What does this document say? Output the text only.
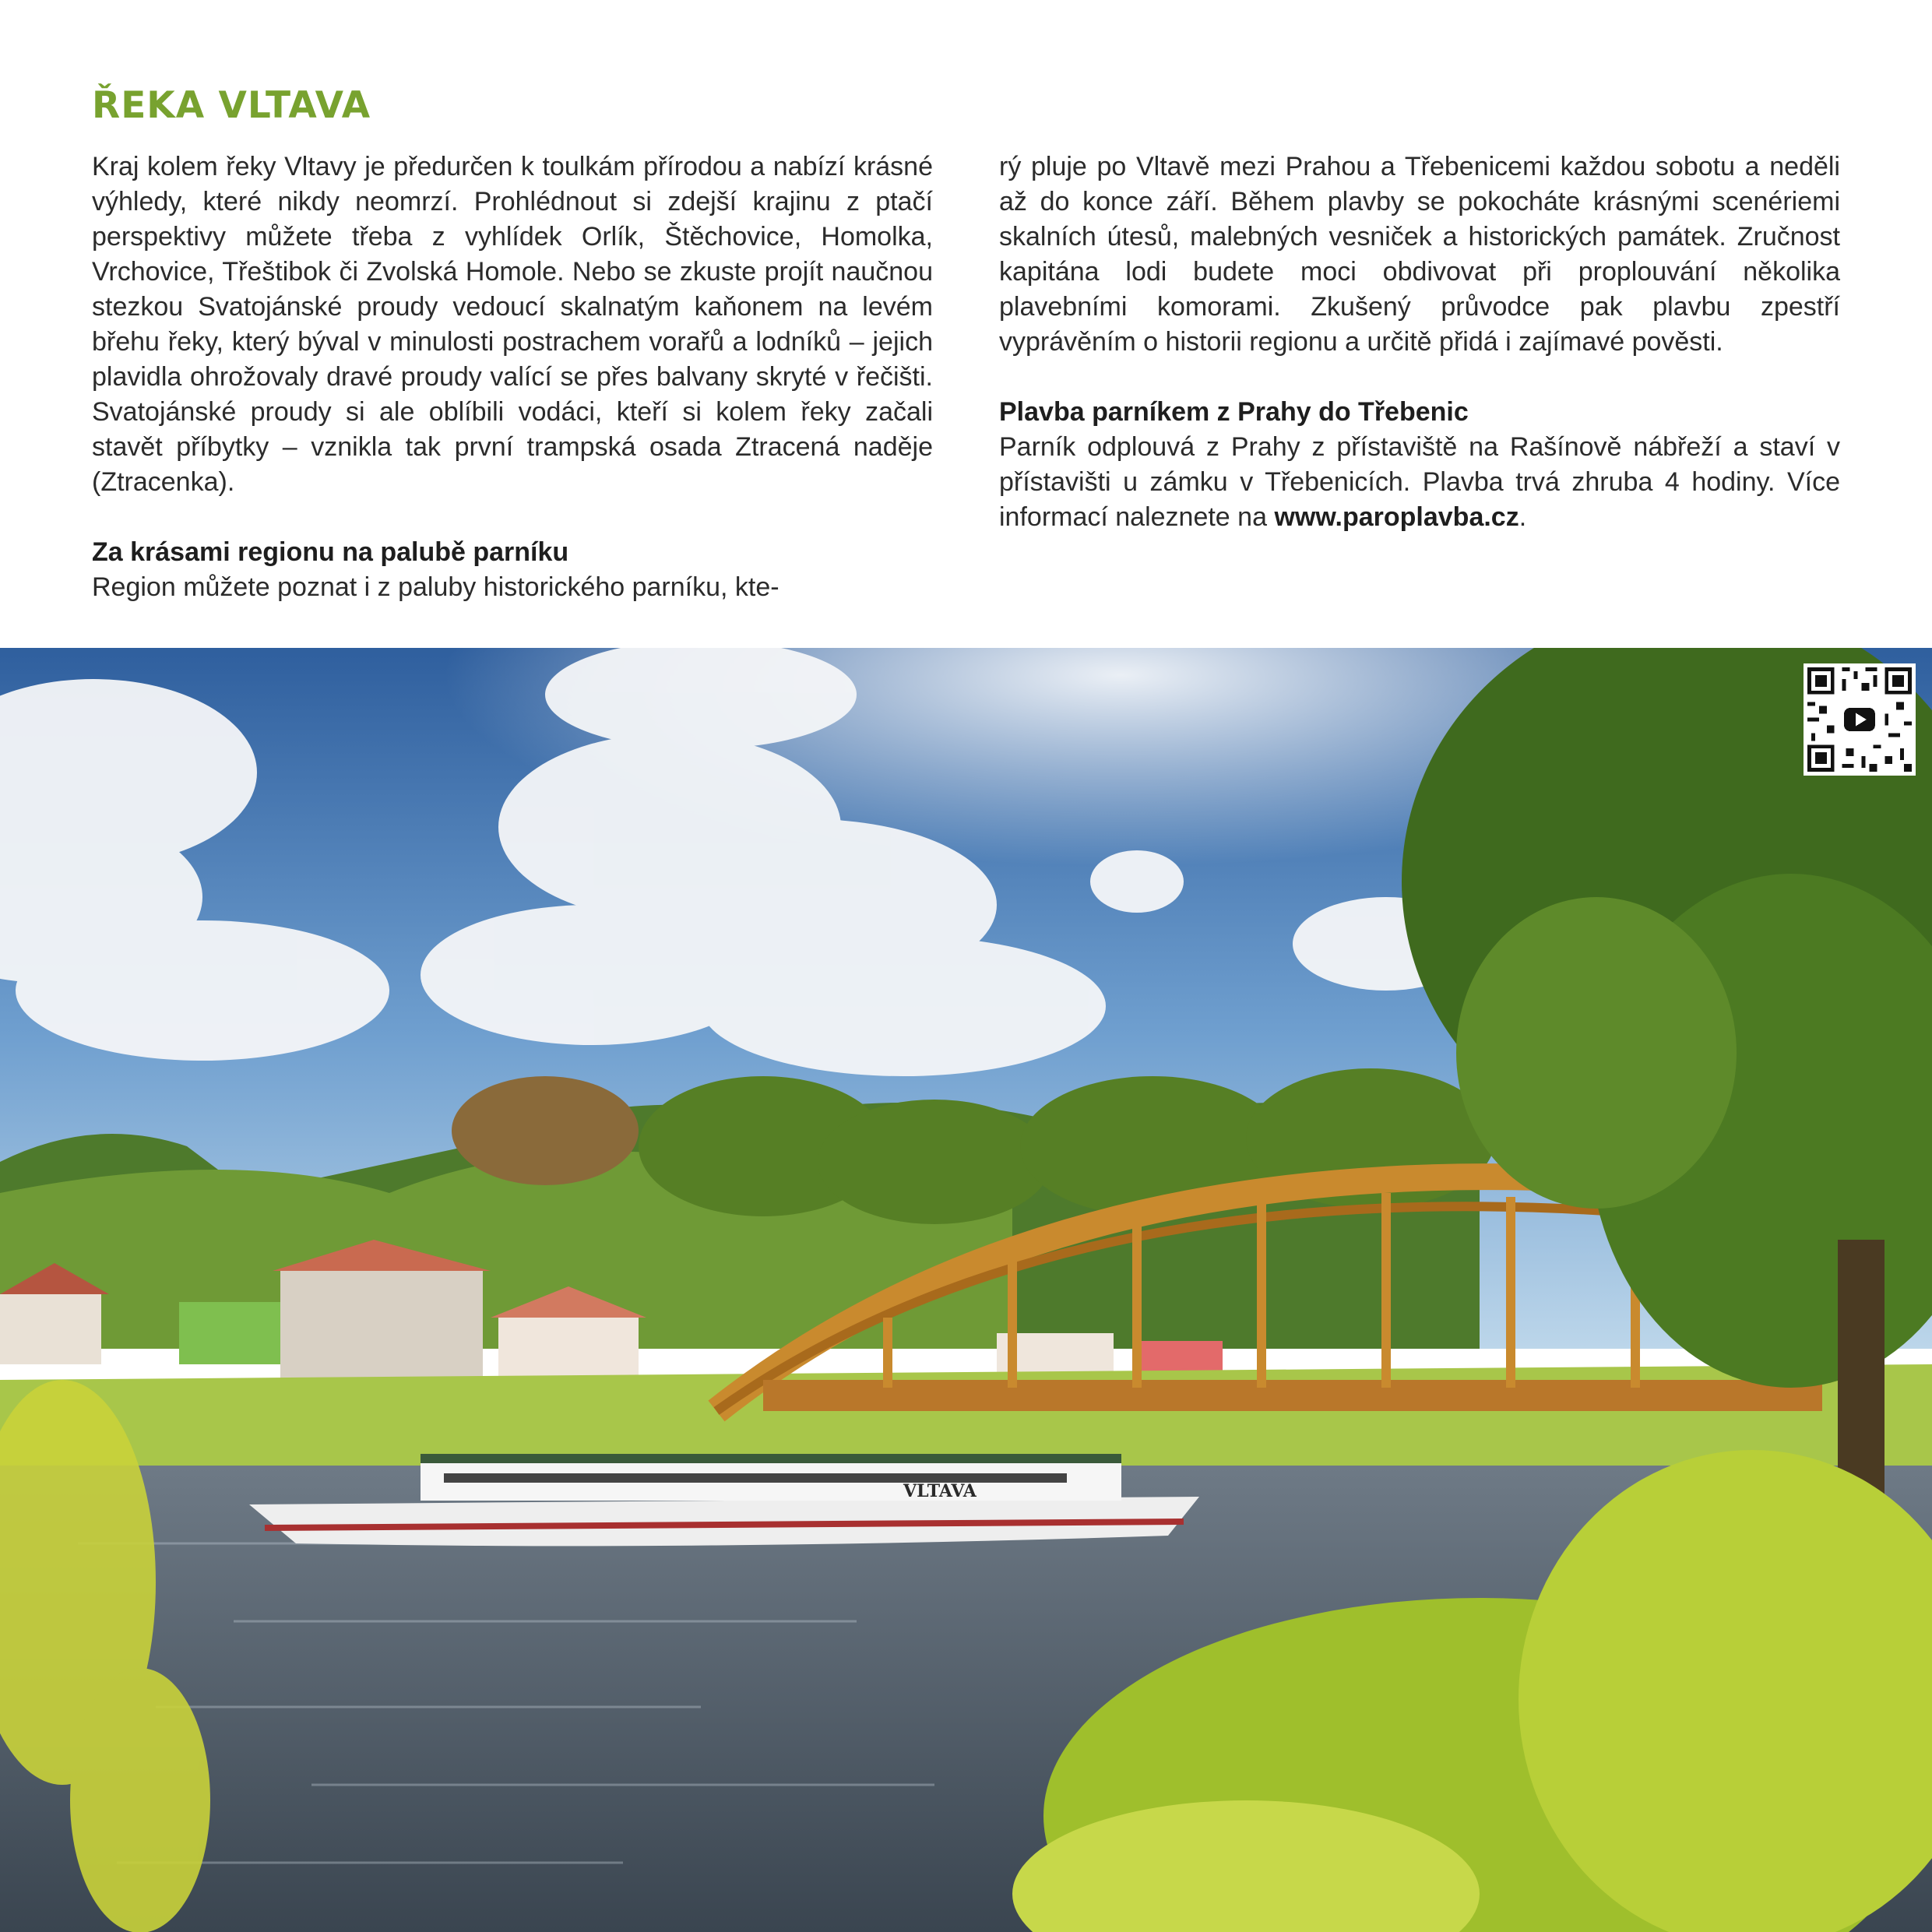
ŘEKA VLTAVA

Kraj kolem řeky Vltavy je předurčen k toulkám přírodou a nabízí krásné výhledy, které nikdy neomrzí. Prohlédnout si zdejší krajinu z ptačí perspektivy můžete třeba z vyhlídek Orlík, Štěchovice, Homolka, Vrchovice, Třeštibok či Zvolská Homole. Nebo se zkuste projít naučnou stezkou Svatojánské proudy vedoucí skalnatým kaňonem na levém břehu řeky, který býval v minulosti postrachem vorařů a lodníků – jejich plavidla ohrožovaly dravé proudy valící se přes balvany skryté v řečišti. Svatojánské proudy si ale oblíbili vodáci, kteří si kolem řeky začali stavět příbytky – vznikla tak první trampská osada Ztracená naděje (Ztracenka).

Za krásami regionu na palubě parníku

Region můžete poznat i z paluby historického parníku, kte-

rý pluje po Vltavě mezi Prahou a Třebenicemi každou sobotu a neděli až do konce září. Během plavby se pokocháte krásnými scenériemi skalních útesů, malebných vesniček a historických památek. Zručnost kapitána lodi budete moci obdivovat při proplouvání několika plavebními komorami. Zkušený průvodce pak plavbu zpestří vyprávěním o historii regionu a určitě přidá i zajímavé pověsti.

Plavba parníkem z Prahy do Třebenic

Parník odplouvá z Prahy z přístaviště na Rašínově nábřeží a staví v přístavišti u zámku v Třebenicích. Plavba trvá zhruba 4 hodiny. Více informací naleznete na www.paroplavba.cz.

VLTAVA
